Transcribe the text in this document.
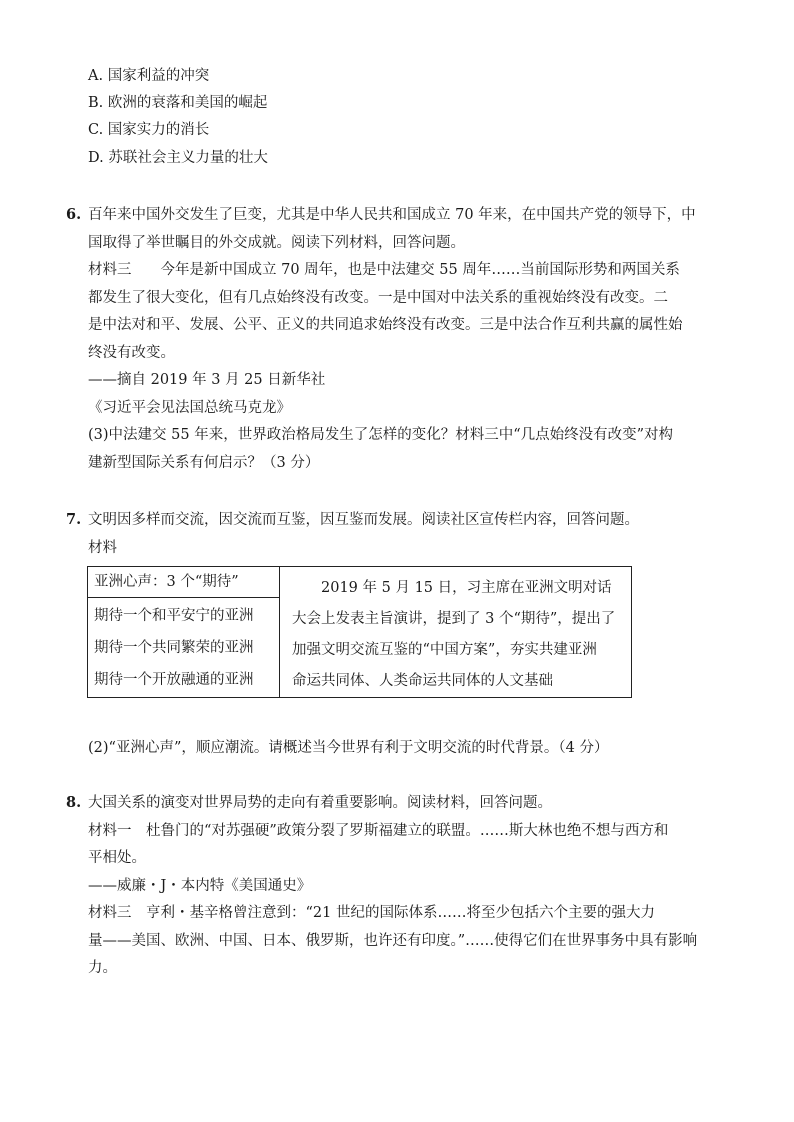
A. 国家利益的冲突
B. 欧洲的衰落和美国的崛起
C. 国家实力的消长
D. 苏联社会主义力量的壮大
6. 百年来中国外交发生了巨变，尤其是中华人民共和国成立 70 年来，在中国共产党的领导下，中
国取得了举世瞩目的外交成就。阅读下列材料，回答问题。
材料三　　今年是新中国成立 70 周年，也是中法建交 55 周年……当前国际形势和两国关系
都发生了很大变化，但有几点始终没有改变。一是中国对中法关系的重视始终没有改变。二
是中法对和平、发展、公平、正义的共同追求始终没有改变。三是中法合作互利共赢的属性始
终没有改变。
——摘自 2019 年 3 月 25 日新华社
《习近平会见法国总统马克龙》
(3)中法建交 55 年来，世界政治格局发生了怎样的变化？材料三中“几点始终没有改变”对构
建新型国际关系有何启示？（3 分）
7. 文明因多样而交流，因交流而互鉴，因互鉴而发展。阅读社区宣传栏内容，回答问题。
材料
亚洲心声：3 个“期待”	　　2019 年 5 月 15 日，习主席在亚洲文明对话
大会上发表主旨演讲，提到了 3 个“期待”，提出了
加强文明交流互鉴的“中国方案”，夯实共建亚洲
命运共同体、人类命运共同体的人文基础

期待一个和平安宁的亚洲
期待一个共同繁荣的亚洲
期待一个开放融通的亚洲
(2)“亚洲心声”，顺应潮流。请概述当今世界有利于文明交流的时代背景。（4 分）
8. 大国关系的演变对世界局势的走向有着重要影响。阅读材料，回答问题。
材料一　杜鲁门的“对苏强硬”政策分裂了罗斯福建立的联盟。……斯大林也绝不想与西方和
平相处。
——威廉・J・本内特《美国通史》
材料三　亨利・基辛格曾注意到：“21 世纪的国际体系……将至少包括六个主要的强大力
量——美国、欧洲、中国、日本、俄罗斯，也许还有印度。”……使得它们在世界事务中具有影响
力。
